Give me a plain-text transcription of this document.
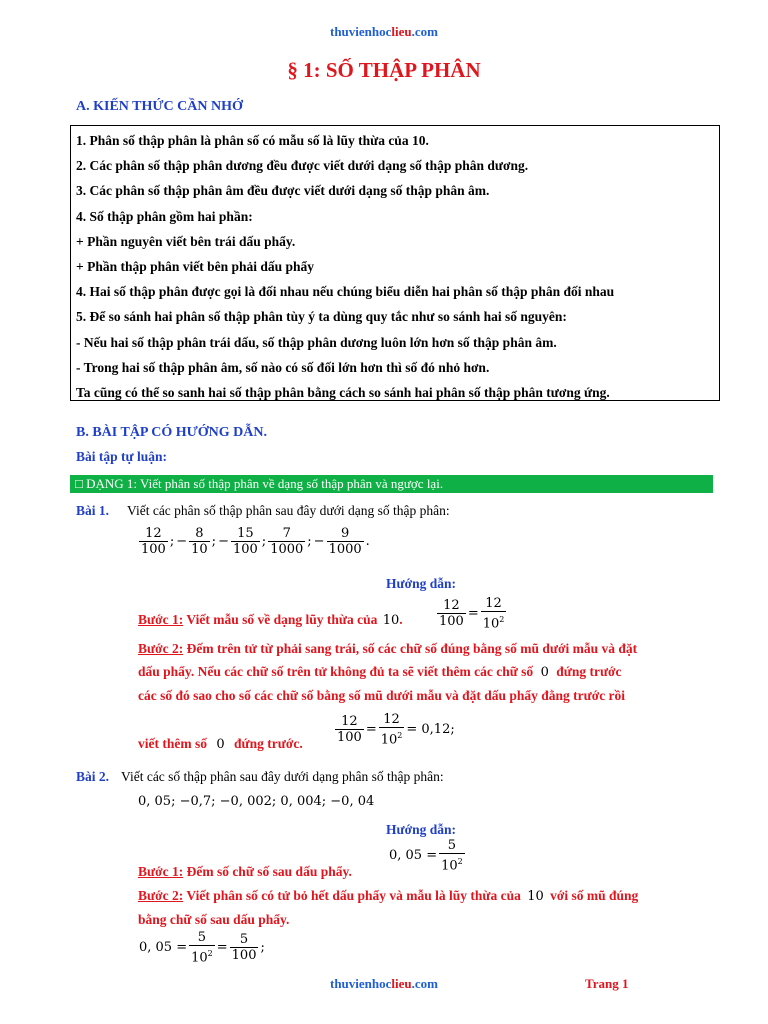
thuvienhoclieu.com
§ 1: SỐ THẬP PHÂN
A. KIẾN THỨC CẦN NHỚ
1. Phân số thập phân là phân số có mẫu số là lũy thừa của 10.
2. Các phân số thập phân dương đều được viết dưới dạng số thập phân dương.
3. Các phân số thập phân âm đều được viết dưới dạng số thập phân âm.
4. Số thập phân gồm hai phần:
+ Phần nguyên viết bên trái dấu phẩy.
+ Phần thập phân viết bên phải dấu phẩy
4. Hai số thập phân được gọi là đối nhau nếu chúng biểu diễn hai phân số thập phân đối nhau
5. Để so sánh hai phân số thập phân tùy ý ta dùng quy tắc như so sánh hai số nguyên:
- Nếu hai số thập phân trái dấu, số thập phân dương luôn lớn hơn số thập phân âm.
- Trong hai số thập phân âm, số nào có số đối lớn hơn thì số đó nhỏ hơn.
Ta cũng có thể so sanh hai số thập phân bằng cách so sánh hai phân số thập phân tương ứng.
B. BÀI TẬP CÓ HƯỚNG DẪN.
Bài tập tự luận:
□ DẠNG 1: Viết phân số thập phân về dạng số thập phân và ngược lại.
Bài 1. Viết các phân số thập phân sau đây dưới dạng số thập phân:
$\frac{12}{100}$ ; − $\frac{8}{10}$ ; − $\frac{15}{100}$ ; $\frac{7}{1000}$ ; − $\frac{9}{1000}$ .
Hướng dẫn:
Bước 1: Viết mẫu số về dạng lũy thừa của 10.	$\frac{12}{100} = \frac{12}{10^2}$
Bước 2: Đếm trên tử từ phải sang trái, số các chữ số đúng bằng số mũ dưới mẫu và đặt
dấu phẩy. Nếu các chữ số trên tử không đủ ta sẽ viết thêm các chữ số 0 đứng trước
các số đó sao cho số các chữ số bằng số mũ dưới mẫu và đặt dấu phẩy đằng trước rồi
viết thêm số 0 đứng trước. $\frac{12}{100} = \frac{12}{10^2} = 0,12$;
Bài 2. Viết các số thập phân sau đây dưới dạng phân số thập phân:
0, 05; −0,7; −0, 002; 0, 004; −0, 04
Hướng dẫn:
Bước 1: Đếm số chữ số sau dấu phẩy.
0, $05 = \frac{5}{10^2}$
Bước 2: Viết phân số có tử bỏ hết dấu phẩy và mẫu là lũy thừa của 10 với số mũ đúng
bằng chữ số sau dấu phẩy.
0, $05 = \frac{5}{10^2} = \frac{5}{100}$ ;
thuvienhoclieu.com	Trang 1
